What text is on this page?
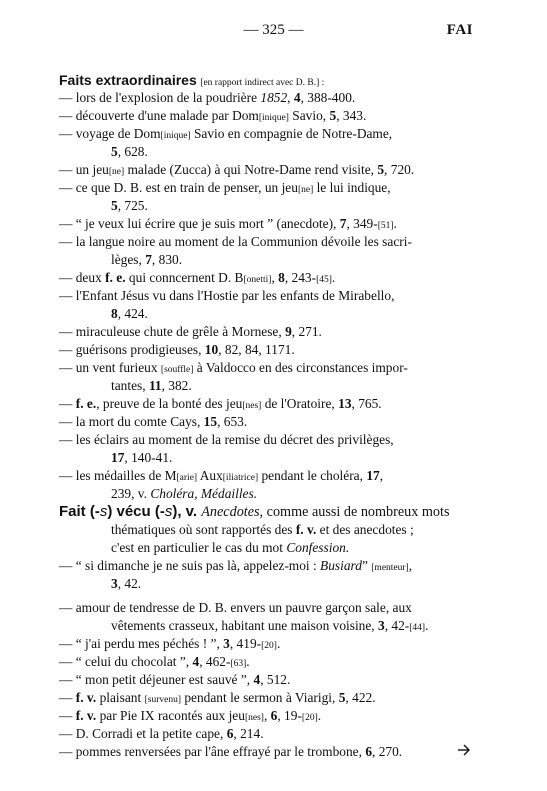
— 325 —	FAI
Faits extraordinaires [en rapport indirect avec D. B.] :
— lors de l'explosion de la poudrière 1852, 4, 388-400.
— découverte d'une malade par Dom[inique] Savio, 5, 343.
— voyage de Dom[inique] Savio en compagnie de Notre-Dame,
5, 628.
— un jeu[ne] malade (Zucca) à qui Notre-Dame rend visite, 5, 720.
— ce que D. B. est en train de penser, un jeu[ne] le lui indique,
5, 725.
— “ je veux lui écrire que je suis mort ” (anecdote), 7, 349-[51].
— la langue noire au moment de la Communion dévoile les sacri-
lèges, 7, 830.
— deux f. e. qui conncernent D. B[onetti], 8, 243-[45].
— l'Enfant Jésus vu dans l'Hostie par les enfants de Mirabello,
8, 424.
— miraculeuse chute de grêle à Mornese, 9, 271.
— guérisons prodigieuses, 10, 82, 84, 1171.
— un vent furieux [souffle] à Valdocco en des circonstances impor-
tantes, 11, 382.
— f. e., preuve de la bonté des jeu[nes] de l'Oratoire, 13, 765.
— la mort du comte Cays, 15, 653.
— les éclairs au moment de la remise du décret des privilèges,
17, 140-41.
— les médailles de M[arie] Aux[iliatrice] pendant le choléra, 17,
239, v. Choléra, Médailles.
Fait (-s) vécu (-s), v. Anecdotes, comme aussi de nombreux mots
thématiques où sont rapportés des f. v. et des anecdotes ;
c'est en particulier le cas du mot Confession.
— “ si dimanche je ne suis pas là, appelez-moi : Busiard” [menteur],
3, 42.
— amour de tendresse de D. B. envers un pauvre garçon sale, aux
vêtements crasseux, habitant une maison voisine, 3, 42-[44].
— “ j'ai perdu mes péchés ! ”, 3, 419-[20].
— “ celui du chocolat ”, 4, 462-[63].
— “ mon petit déjeuner est sauvé ”, 4, 512.
— f. v. plaisant [survenu] pendant le sermon à Viarigi, 5, 422.
— f. v. par Pie IX racontés aux jeu[nes], 6, 19-[20].
— D. Corradi et la petite cape, 6, 214.
— pommes renversées par l'âne effrayé par le trombone, 6, 270.
